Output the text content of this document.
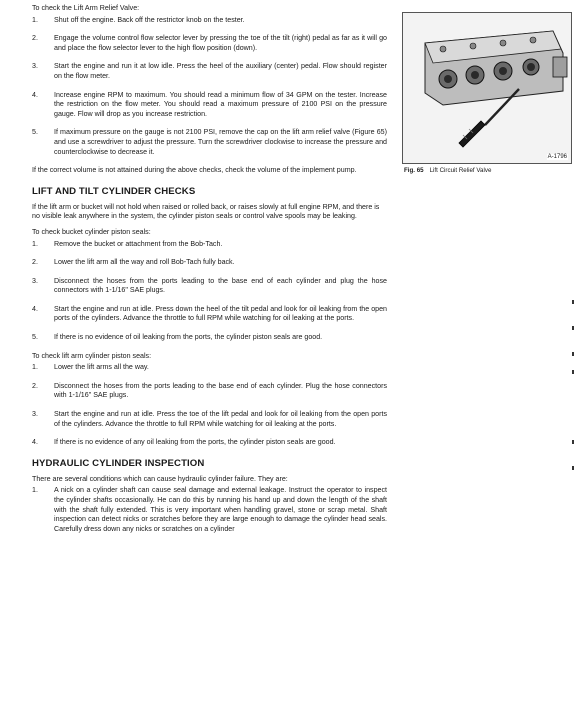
To check the Lift Arm Relief Valve:

1.	Shut off the engine. Back off the restrictor knob on the tester.
2.	Engage the volume control flow selector lever by pressing the toe of the tilt (right) pedal as far as it will go and place the flow selector lever to the high flow position (down).
3.	Start the engine and run it at low idle. Press the heel of the auxiliary (center) pedal. Flow should register on the flow meter.
4.	Increase engine RPM to maximum. You should read a minimum flow of 34 GPM on the tester. Increase the restriction on the flow meter. You should read a maximum pressure of 2100 PSI on the pressure gauge. Flow will drop as you increase restriction.
5.	If maximum pressure on the gauge is not 2100 PSI, remove the cap on the lift arm relief valve (Figure 65) and use a screwdriver to adjust the pressure. Turn the screwdriver clockwise to increase the pressure and counterclockwise to decrease it.

If the correct volume is not attained during the above checks, check the volume of the implement pump.

LIFT AND TILT CYLINDER CHECKS

If the lift arm or bucket will not hold when raised or rolled back, or raises slowly at full engine RPM, and there is no visible leak anywhere in the system, the cylinder piston seals or control valve spools may be leaking.

To check bucket cylinder piston seals:

1.	Remove the bucket or attachment from the Bob-Tach.
2.	Lower the lift arm all the way and roll Bob-Tach fully back.
3.	Disconnect the hoses from the ports leading to the base end of each cylinder and plug the hose connectors with 1-1/16" SAE plugs.
4.	Start the engine and run at idle. Press down the heel of the tilt pedal and look for oil leaking from the open ports of the cylinders. Advance the throttle to full RPM while watching for oil leaking at the ports.
5.	If there is no evidence of oil leaking from the ports, the cylinder piston seals are good.

To check lift arm cylinder piston seals:

1.	Lower the lift arms all the way.
2.	Disconnect the hoses from the ports leading to the base end of each cylinder. Plug the hose connectors with 1-1/16" SAE plugs.
3.	Start the engine and run at idle. Press the toe of the lift pedal and look for oil leaking from the open ports of the cylinders. Advance the throttle to full RPM while watching for oil leaking at the ports.
4.	If there is no evidence of any oil leaking from the ports, the cylinder piston seals are good.
HYDRAULIC CYLINDER INSPECTION

There are several conditions which can cause hydraulic cylinder failure. They are:

1.	A nick on a cylinder shaft can cause seal damage and external leakage. Instruct the operator to inspect the cylinder shafts occasionally. He can do this by running his hand up and down the length of the shaft with the shaft fully extended. This is very important when handling gravel, stone or scrap metal. Shaft inspection can detect nicks or scratches before they are large enough to damage the cylinder head seals. Carefully dress down any nicks or scratches on a cylinder
A-1796
Fig. 65 Lift Circuit Relief Valve
